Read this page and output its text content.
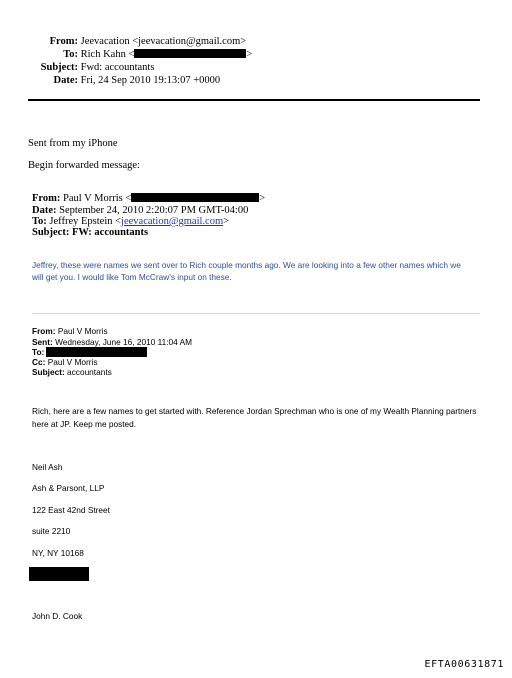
From: Jeevacation <jeevacation@gmail.com>
To: Rich Kahn <	>
Subject: Fwd: accountants
Date: Fri, 24 Sep 2010 19:13:07 +0000
Sent from my iPhone
Begin forwarded message:
From: Paul V Morris <	>
Date: September 24, 2010 2:20:07 PM GMT-04:00
To: Jeffrey Epstein <jeevacation@gmail.com>
Subject: FW: accountants
Jeffrey, these were names we sent over to Rich couple months ago. We are looking into a few other names which we
will get you. I would like Tom McCraw's input on these.
From: Paul V Morris
Sent: Wednesday, June 16, 2010 11:04 AM
To:
Cc: Paul V Morris
Subject: accountants
Rich, here are a few names to get started with. Reference Jordan Sprechman who is one of my Wealth Planning partners
here at JP. Keep me posted.
Neil Ash
Ash & Parsont, LLP
122 East 42nd Street
suite 2210
NY, NY 10168
John D. Cook
EFTA00631871
